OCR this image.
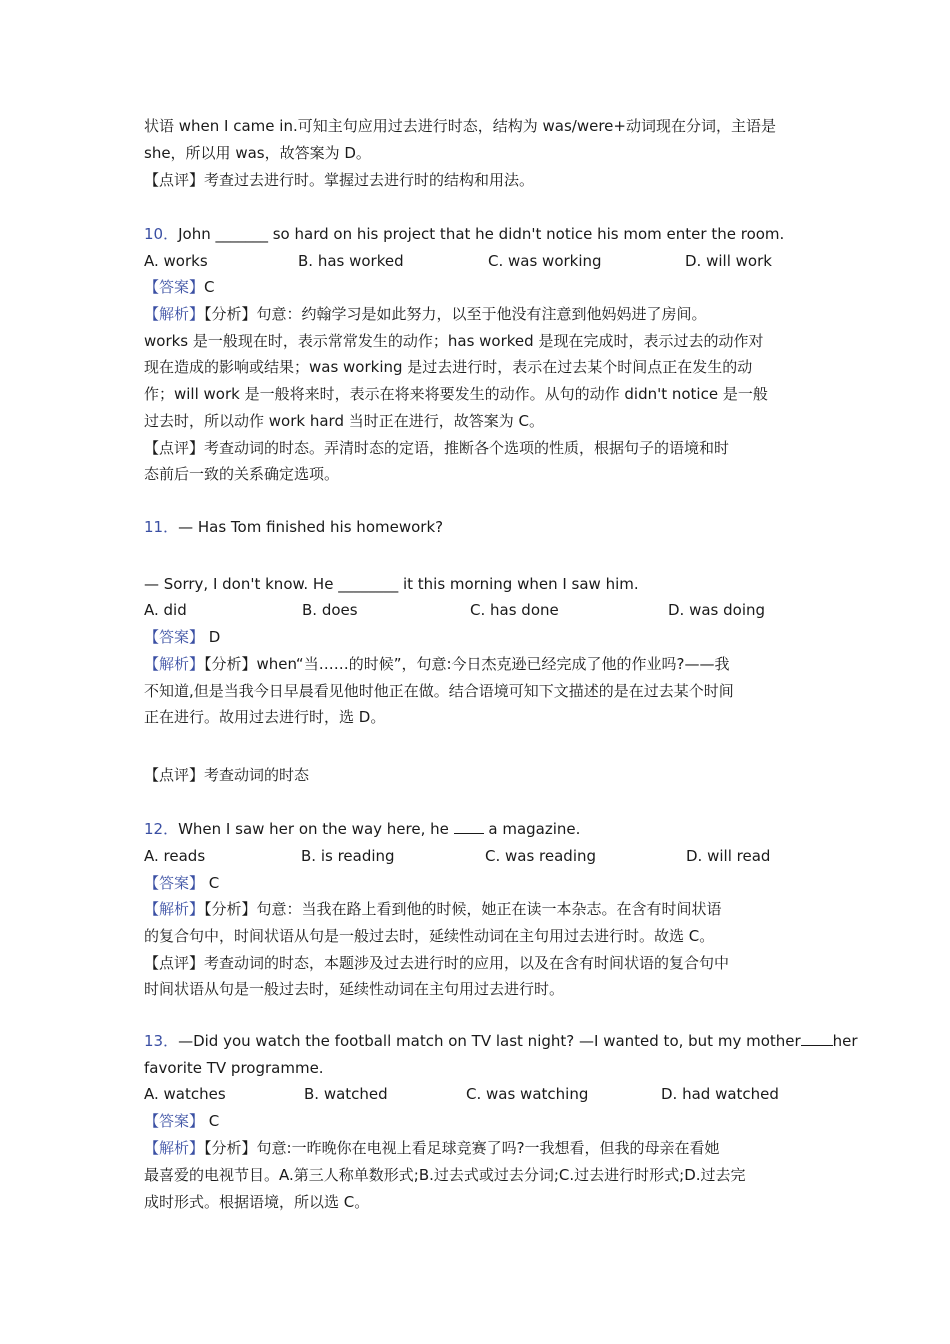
状语 when I came in.可知主句应用过去进行时态，结构为 was/were+动词现在分词，主语是
she，所以用 was，故答案为 D。
【点评】考查过去进行时。掌握过去进行时的结构和用法。
10．John _______ so hard on his project that he didn't notice his mom enter the room.
A. works	B. has worked	C. was working	D. will work
【答案】C
【解析】【分析】句意：约翰学习是如此努力，以至于他没有注意到他妈妈进了房间。
works 是一般现在时，表示常常发生的动作；has worked 是现在完成时，表示过去的动作对
现在造成的影响或结果；was working 是过去进行时，表示在过去某个时间点正在发生的动
作；will work 是一般将来时，表示在将来将要发生的动作。从句的动作 didn't notice 是一般
过去时，所以动作 work hard 当时正在进行，故答案为 C。
【点评】考查动词的时态。弄清时态的定语，推断各个选项的性质，根据句子的语境和时
态前后一致的关系确定选项。
11．— Has Tom finished his homework?
— Sorry, I don't know. He ________ it this morning when I saw him.
A. did	B. does	C. has done	D. was doing
【答案】 D
【解析】【分析】when“当……的时候”，句意:今日杰克逊已经完成了他的作业吗?——我
不知道,但是当我今日早晨看见他时他正在做。结合语境可知下文描述的是在过去某个时间
正在进行。故用过去进行时，选 D。
【点评】考查动词的时态
12．When I saw her on the way here, he  a magazine.
A. reads	B. is reading	C. was reading	D. will read
【答案】 C
【解析】【分析】句意：当我在路上看到他的时候，她正在读一本杂志。在含有时间状语
的复合句中，时间状语从句是一般过去时，延续性动词在主句用过去进行时。故选 C。
【点评】考查动词的时态，本题涉及过去进行时的应用，以及在含有时间状语的复合句中
时间状语从句是一般过去时，延续性动词在主句用过去进行时。
13．—Did you watch the football match on TV last night? —I wanted to, but my mother her
favorite TV programme.
A. watches	B. watched	C. was watching	D. had watched
【答案】 C
【解析】【分析】句意:一昨晚你在电视上看足球竞赛了吗?一我想看，但我的母亲在看她
最喜爱的电视节目。A.第三人称单数形式;B.过去式或过去分词;C.过去进行时形式;D.过去完
成时形式。根据语境，所以选 C。
